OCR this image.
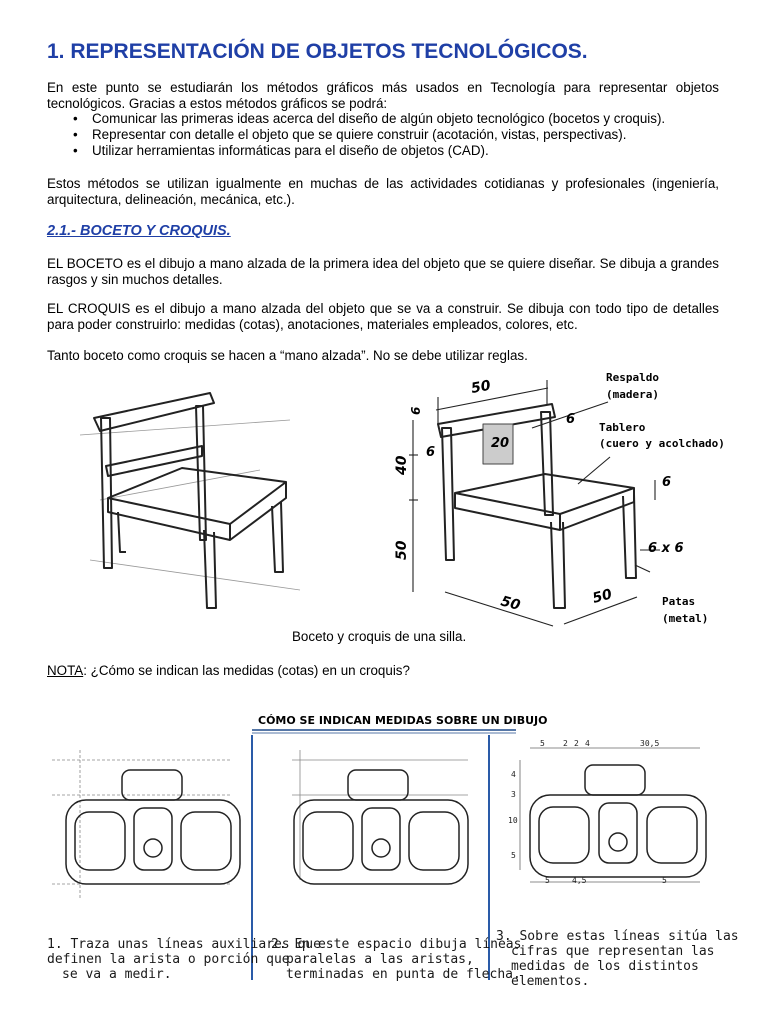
1. REPRESENTACIÓN DE OBJETOS TECNOLÓGICOS.
En este punto se estudiarán los métodos gráficos más usados en Tecnología para representar objetos tecnológicos. Gracias a estos métodos gráficos se podrá:
• Comunicar las primeras ideas acerca del diseño de algún objeto tecnológico (bocetos y croquis).
• Representar con detalle el objeto que se quiere construir (acotación, vistas, perspectivas).
• Utilizar herramientas informáticas para el diseño de objetos (CAD).
Estos métodos se utilizan igualmente en muchas de las actividades cotidianas y profesionales (ingeniería, arquitectura, delineación, mecánica, etc.).
2.1.- BOCETO Y CROQUIS.
EL BOCETO es el dibujo a mano alzada de la primera idea del objeto que se quiere diseñar. Se dibuja a grandes rasgos y sin muchos detalles.
EL CROQUIS es el dibujo a mano alzada del objeto que se va a construir. Se dibuja con todo tipo de detalles para poder construirlo: medidas (cotas), anotaciones, materiales empleados, colores, etc.
Tanto boceto como croquis se hacen a “mano alzada”. No se debe utilizar reglas.
50
6
6
20
6
40
6
6 x 6
50
50	50
Respaldo
(madera)
Tablero
(cuero y acolchado)
Patas
(metal)
Boceto y croquis de una silla.
NOTA: ¿Cómo se indican las medidas (cotas) en un croquis?
CÓMO SE INDICAN MEDIDAS SOBRE UN DIBUJO
5 2 2 4	30,5
4
3
10
5
5	4,5	5
1. Traza unas líneas auxiliares que
definen la arista o porción que
se va a medir.
2. En este espacio dibuja líneas
paralelas a las aristas,
terminadas en punta de flecha.
3. Sobre estas líneas sitúa las
cifras que representan las
medidas de los distintos
elementos.
